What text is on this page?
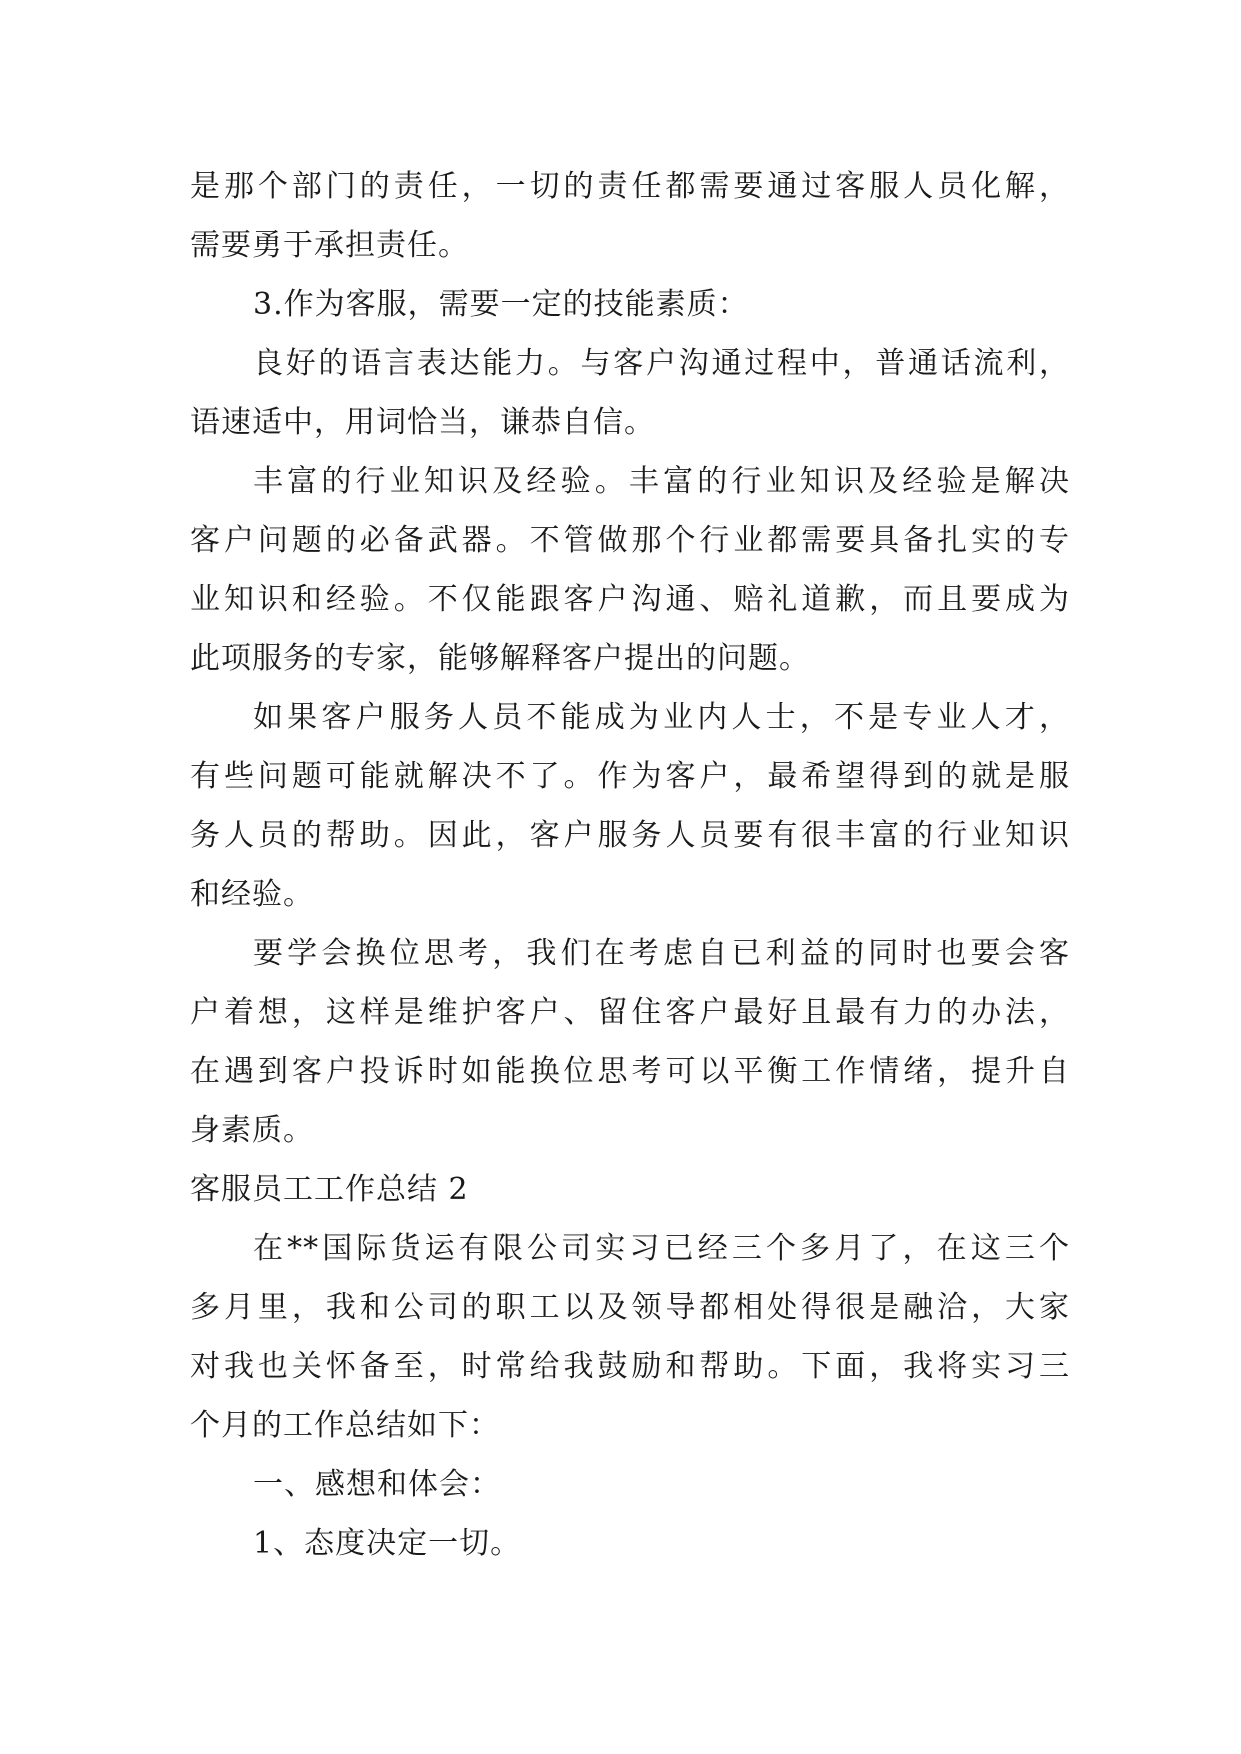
是那个部门的责任，一切的责任都需要通过客服人员化解，
需要勇于承担责任。

3.作为客服，需要一定的技能素质：

良好的语言表达能力。与客户沟通过程中，普通话流利，
语速适中，用词恰当，谦恭自信。

丰富的行业知识及经验。丰富的行业知识及经验是解决
客户问题的必备武器。不管做那个行业都需要具备扎实的专
业知识和经验。不仅能跟客户沟通、赔礼道歉，而且要成为
此项服务的专家，能够解释客户提出的问题。

如果客户服务人员不能成为业内人士，不是专业人才，
有些问题可能就解决不了。作为客户，最希望得到的就是服
务人员的帮助。因此，客户服务人员要有很丰富的行业知识
和经验。

要学会换位思考，我们在考虑自已利益的同时也要会客
户着想，这样是维护客户、留住客户最好且最有力的办法，
在遇到客户投诉时如能换位思考可以平衡工作情绪，提升自
身素质。

客服员工工作总结 2

在**国际货运有限公司实习已经三个多月了，在这三个
多月里，我和公司的职工以及领导都相处得很是融洽，大家
对我也关怀备至，时常给我鼓励和帮助。下面，我将实习三
个月的工作总结如下：

一、感想和体会：

1、态度决定一切。
